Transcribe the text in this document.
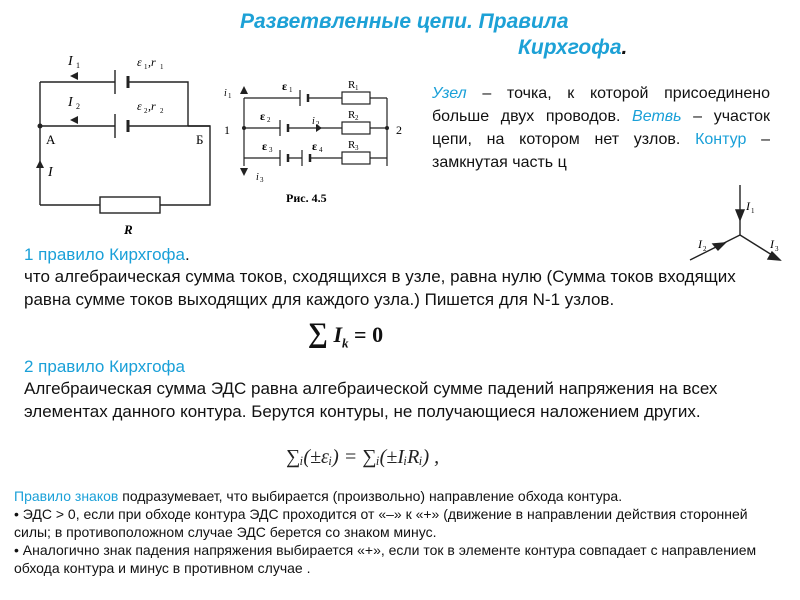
Разветвленные цепи. Правила
Кирхгофа.
I 1
I 2
ε 1 ,r 1
ε 2 ,r 2
А	Б
I
R
i 1
1	2
i 3
i 2
ε 1
ε 2
ε 3	ε 4
R 1
R 2
R 3
Рис. 4.5
Узел – точка, к которой присоединено больше двух проводов. Ветвь – участок цепи, на котором нет узлов. Контур – замкнутая часть ц
I 1
I 2	I 3
1 правило Кирхгофа.
что алгебраическая сумма токов, сходящихся в узле, равна нулю (Сумма токов входящих равна сумме токов выходящих для каждого узла.) Пишется для N-1 узлов.
∑ $I_k = 0$
2 правило Кирхгофа
Алгебраическая сумма ЭДС равна алгебраической сумме падений напряжения на всех элементах данного контура. Берутся контуры, не получающиеся наложением других.
∑ᵢ(±εᵢ) = ∑ᵢ(±IᵢRᵢ) ,
Правило знаков подразумевает, что выбирается (произвольно) направление обхода контура.
• ЭДС > 0, если при обходе контура ЭДС проходится от «–» к «+» (движение в направлении действия сторонней силы; в противоположном случае ЭДС берется со знаком минус.
• Аналогично знак падения напряжения выбирается «+», если ток в элементе контура совпадает с направлением обхода контура и минус в противном случае .
